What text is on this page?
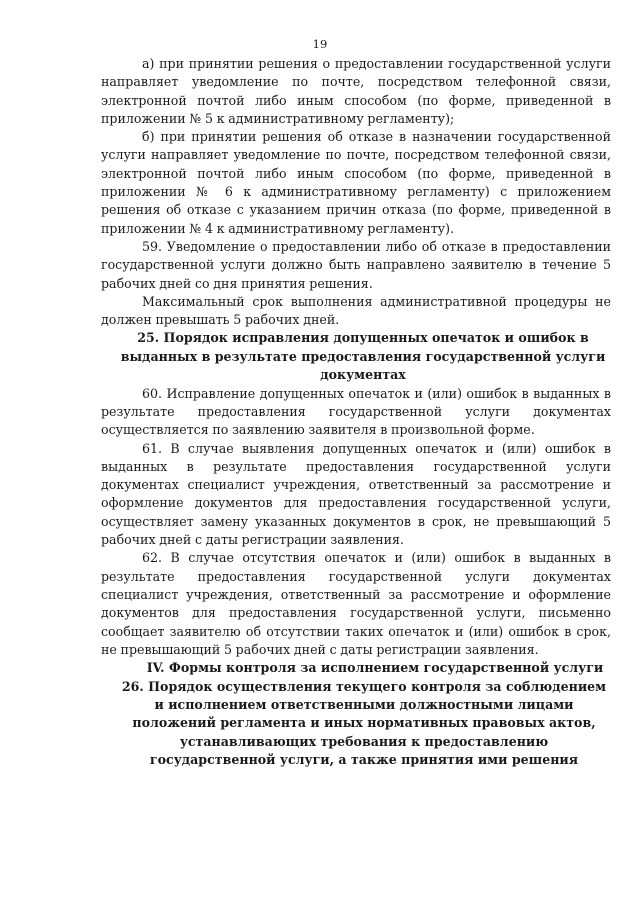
19

а) при принятии решения о предоставлении государственной услуги направляет уведомление по почте, посредством телефонной связи, электронной почтой либо иным способом (по форме, приведенной в приложении № 5 к административному регламенту);

б) при принятии решения об отказе в назначении государственной услуги направляет уведомление по почте, посредством телефонной связи, электронной почтой либо иным способом (по форме, приведенной в приложении № 6 к административному регламенту) с приложением решения об отказе с указанием причин отказа (по форме, приведенной в приложении № 4 к административному регламенту).

59. Уведомление о предоставлении либо об отказе в предоставлении государственной услуги должно быть направлено заявителю в течение 5 рабочих дней со дня принятия решения.

Максимальный срок выполнения административной процедуры не должен превышать 5 рабочих дней.

25. Порядок исправления допущенных опечаток и ошибок в выданных в результате предоставления государственной услуги документах

60. Исправление допущенных опечаток и (или) ошибок в выданных в результате предоставления государственной услуги документах осуществляется по заявлению заявителя в произвольной форме.

61. В случае выявления допущенных опечаток и (или) ошибок в выданных в результате предоставления государственной услуги документах специалист учреждения, ответственный за рассмотрение и оформление документов для предоставления государственной услуги, осуществляет замену указанных документов в срок, не превышающий 5 рабочих дней с даты регистрации заявления.

62. В случае отсутствия опечаток и (или) ошибок в выданных в результате предоставления государственной услуги документах специалист учреждения, ответственный за рассмотрение и оформление документов для предоставления государственной услуги, письменно сообщает заявителю об отсутствии таких опечаток и (или) ошибок в срок, не превышающий 5 рабочих дней с даты регистрации заявления.

IV. Формы контроля за исполнением государственной услуги

26. Порядок осуществления текущего контроля за соблюдением и исполнением ответственными должностными лицами положений регламента и иных нормативных правовых актов, устанавливающих требования к предоставлению государственной услуги, а также принятия ими решения
